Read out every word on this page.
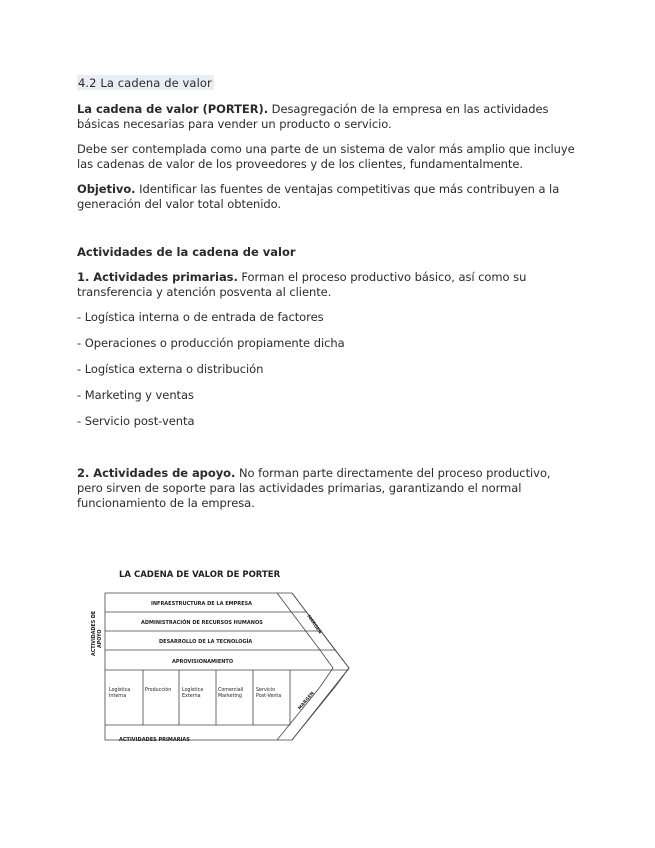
4.2 La cadena de valor

La cadena de valor (PORTER). Desagregación de la empresa en las actividades básicas necesarias para vender un producto o servicio.

Debe ser contemplada como una parte de un sistema de valor más amplio que incluye las cadenas de valor de los proveedores y de los clientes, fundamentalmente.

Objetivo. Identificar las fuentes de ventajas competitivas que más contribuyen a la generación del valor total obtenido.

Actividades de la cadena de valor

1. Actividades primarias. Forman el proceso productivo básico, así como su transferencia y atención posventa al cliente.

- Logística interna o de entrada de factores

- Operaciones o producción propiamente dicha

- Logística externa o distribución

- Marketing y ventas

- Servicio post-venta

2. Actividades de apoyo. No forman parte directamente del proceso productivo, pero sirven de soporte para las actividades primarias, garantizando el normal funcionamiento de la empresa.

LA CADENA DE VALOR DE PORTER
INFRAESTRUCTURA DE LA EMPRESA
ADMINISTRACIÓN DE RECURSOS HUMANOS
DESARROLLO DE LA TECNOLOGÍA
APROVISIONAMIENTO
ACTIVIDADES DE APOYO
Logística
Interna
Producción Logística
Externa
Comerciali
Marketing
Servicio
Post-Venta
MARGEN
MARGEN
ACTIVIDADES PRIMARIAS
